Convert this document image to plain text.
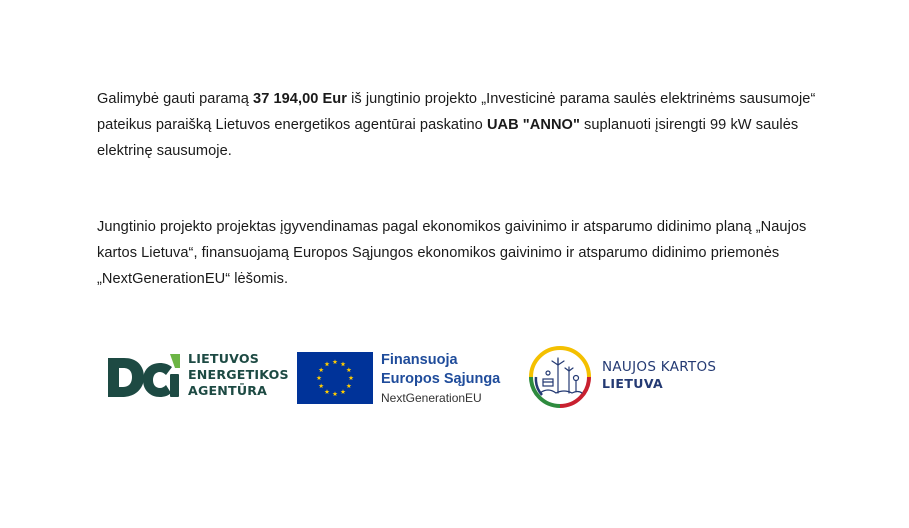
Galimybė gauti paramą 37 194,00 Eur iš jungtinio projekto „Investicinė parama saulės elektrinėms sausumoje“ pateikus paraišką Lietuvos energetikos agentūrai paskatino UAB "ANNO" suplanuoti įsirengti 99 kW saulės elektrinę sausumoje.

Jungtinio projekto projektas įgyvendinamas pagal ekonomikos gaivinimo ir atsparumo didinimo planą „Naujos kartos Lietuva“, finansuojamą Europos Sąjungos ekonomikos gaivinimo ir atsparumo didinimo priemonės „NextGenerationEU“ lėšomis.

LIETUVOS
ENERGETIKOS
AGENTŪRA
Finansuoja
Europos Sąjunga
NextGenerationEU
NAUJOS KARTOS
LIETUVA
